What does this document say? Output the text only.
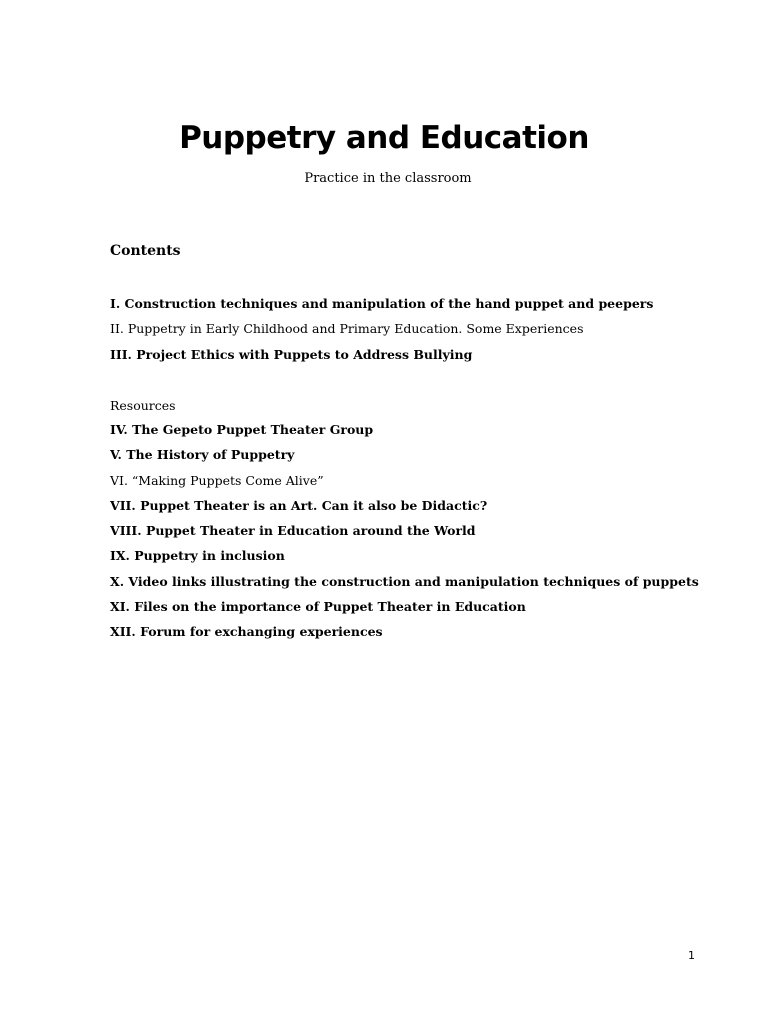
Puppetry and Education
Practice in the classroom
Contents
I. Construction techniques and manipulation of the hand puppet and peepers
II. Puppetry in Early Childhood and Primary Education. Some Experiences
III. Project Ethics with Puppets to Address Bullying
Resources
IV. The Gepeto Puppet Theater Group
V. The History of Puppetry
VI. “Making Puppets Come Alive”
VII. Puppet Theater is an Art. Can it also be Didactic?
VIII. Puppet Theater in Education around the World
IX. Puppetry in inclusion
X. Video links illustrating the construction and manipulation techniques of puppets
XI. Files on the importance of Puppet Theater in Education
XII. Forum for exchanging experiences
1
